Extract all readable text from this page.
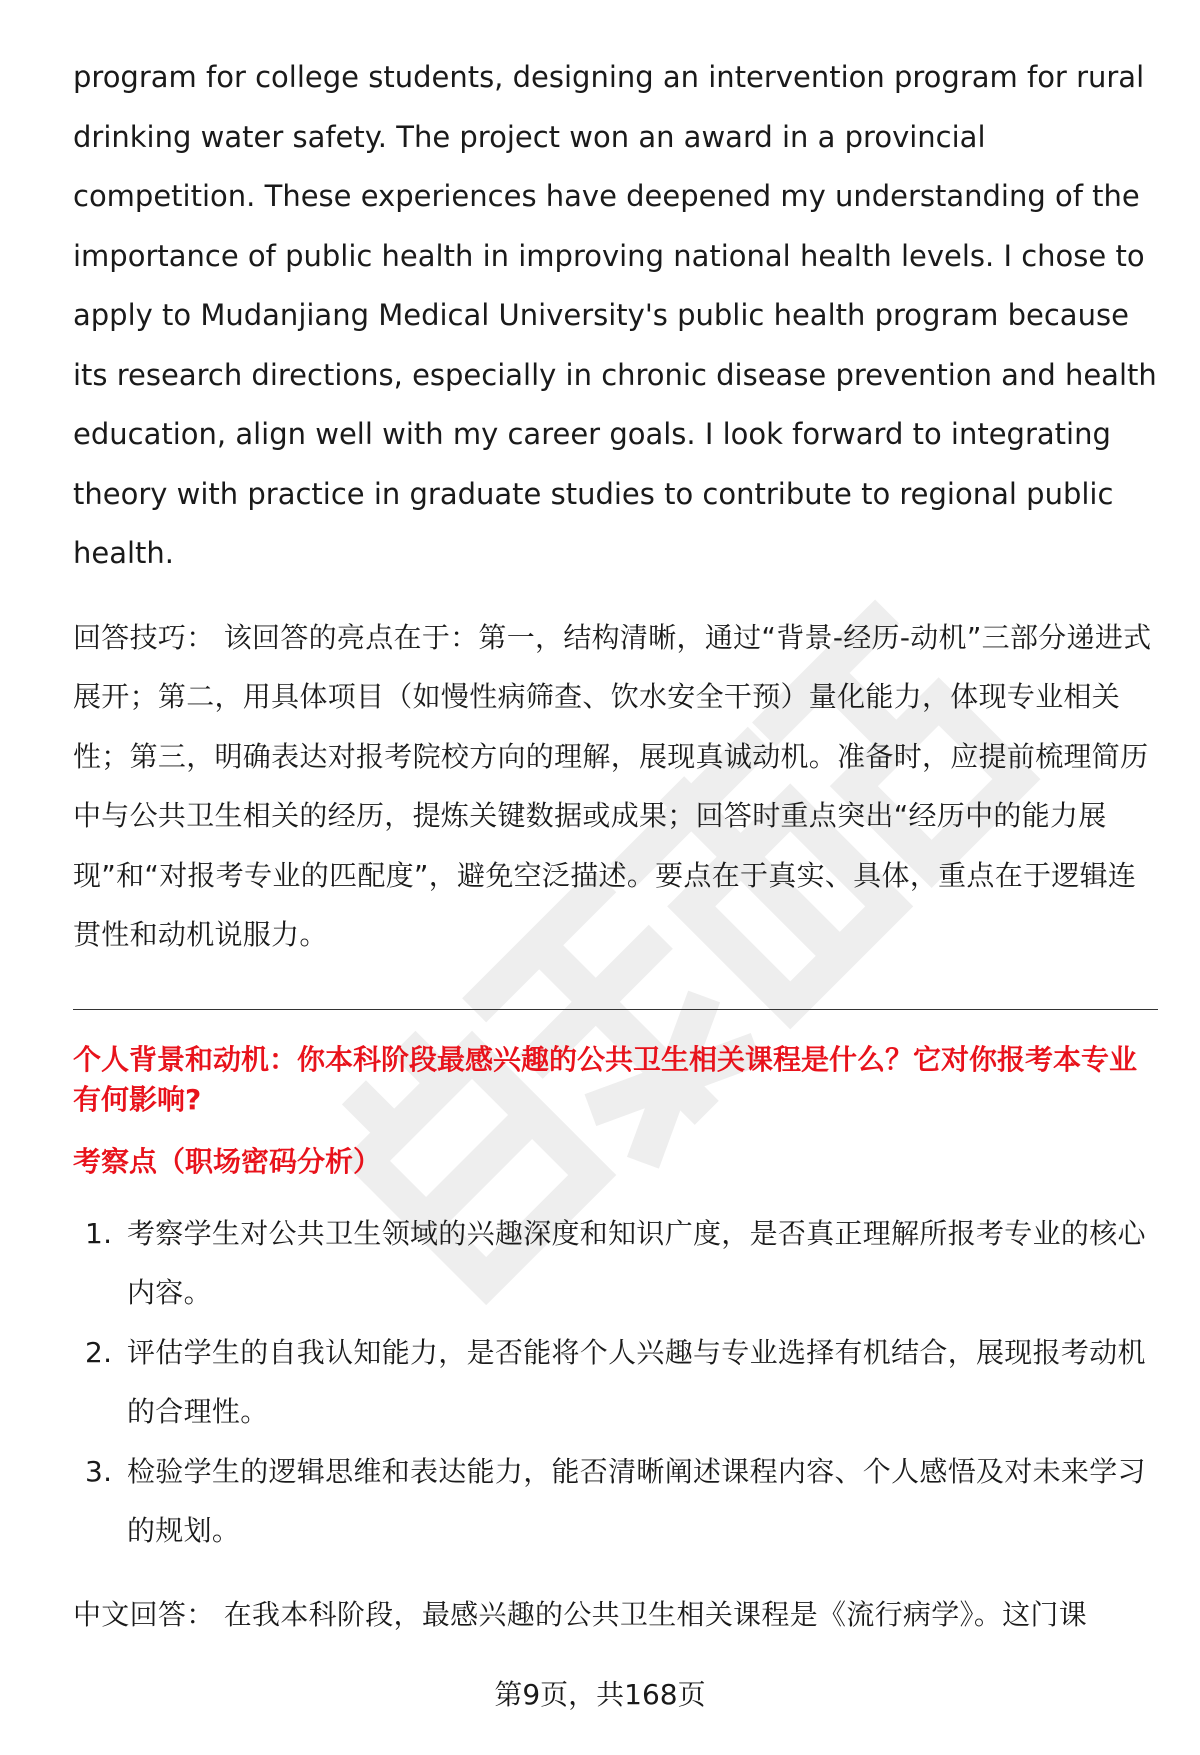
program for college students, designing an intervention program for rural drinking water safety. The project won an award in a provincial competition. These experiences have deepened my understanding of the importance of public health in improving national health levels. I chose to apply to Mudanjiang Medical University's public health program because its research directions, especially in chronic disease prevention and health education, align well with my career goals. I look forward to integrating theory with practice in graduate studies to contribute to regional public health.

回答技巧： 该回答的亮点在于：第一，结构清晰，通过“背景-经历-动机”三部分递进式展开；第二，用具体项目（如慢性病筛查、饮水安全干预）量化能力，体现专业相关性；第三，明确表达对报考院校方向的理解，展现真诚动机。准备时，应提前梳理简历中与公共卫生相关的经历，提炼关键数据或成果；回答时重点突出“经历中的能力展现”和“对报考专业的匹配度”，避免空泛描述。要点在于真实、具体，重点在于逻辑连贯性和动机说服力。

个人背景和动机：你本科阶段最感兴趣的公共卫生相关课程是什么？它对你报考本专业有何影响?
考察点（职场密码分析）
1. 考察学生对公共卫生领域的兴趣深度和知识广度，是否真正理解所报考专业的核心内容。
2. 评估学生的自我认知能力，是否能将个人兴趣与专业选择有机结合，展现报考动机的合理性。
3. 检验学生的逻辑思维和表达能力，能否清晰阐述课程内容、个人感悟及对未来学习的规划。

中文回答： 在我本科阶段，最感兴趣的公共卫生相关课程是《流行病学》。这门课

第9页，共168页
